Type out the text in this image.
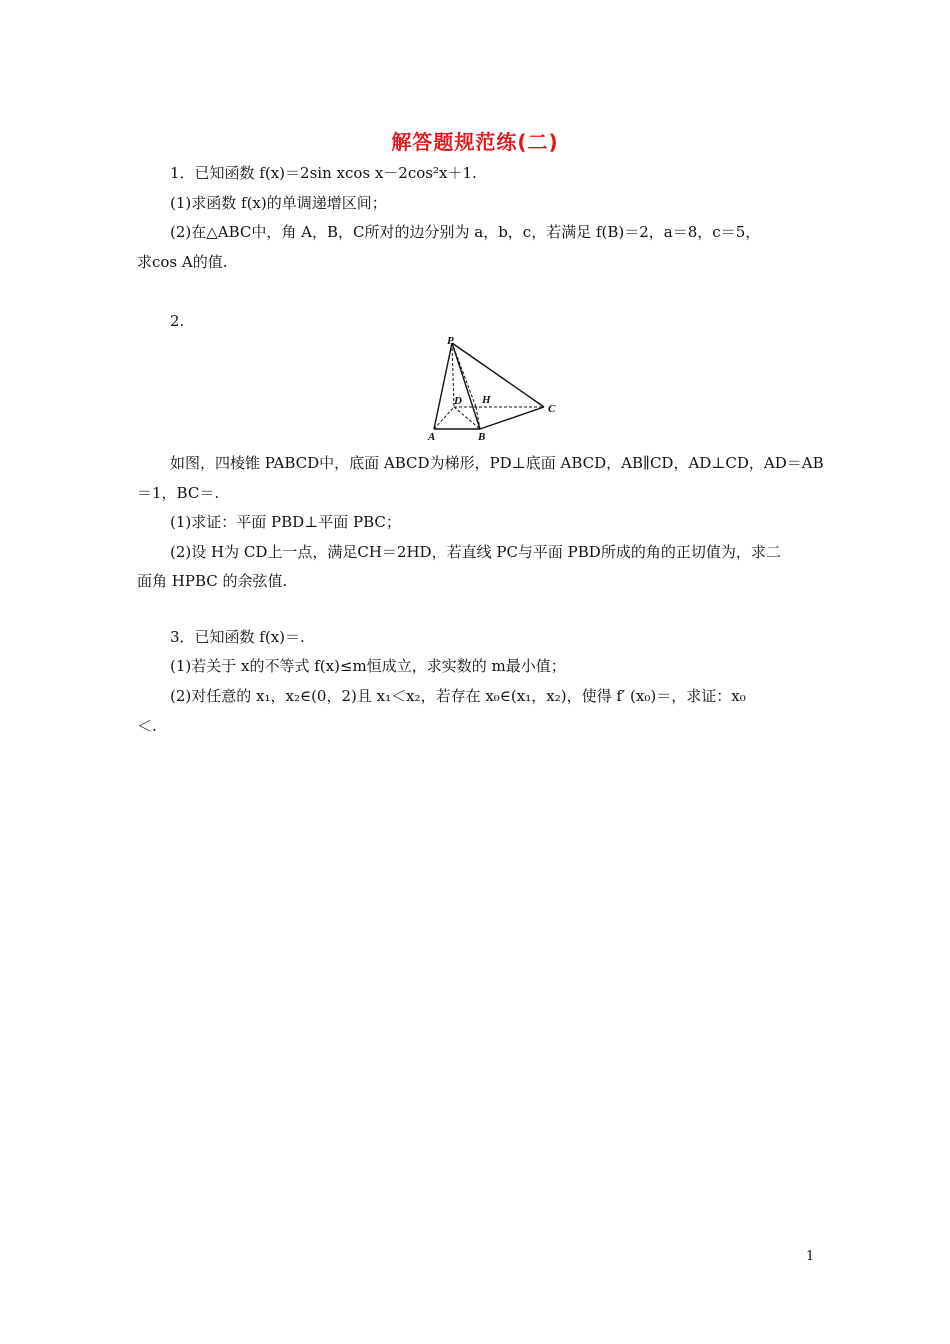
解答题规范练(二)
1．已知函数 f(x)＝2sin xcos x－2cos²x＋1.
(1)求函数 f(x)的单调递增区间；
(2)在△ABC中，角 A，B，C所对的边分别为 a，b，c，若满足 f(B)＝2，a＝8，c＝5，
求cos A的值.
2.
P
D H
C
A	B
如图，四棱锥 PABCD中，底面 ABCD为梯形，PD⊥底面 ABCD，AB∥CD，AD⊥CD，AD＝AB
＝1，BC＝.
(1)求证：平面 PBD⊥平面 PBC；
(2)设 H为 CD上一点，满足CH＝2HD，若直线 PC与平面 PBD所成的角的正切值为，求二
面角 HPBC 的余弦值.
3．已知函数 f(x)＝.
(1)若关于 x的不等式 f(x)≤m恒成立，求实数的 m最小值；
(2)对任意的 x₁，x₂∈(0，2)且 x₁＜x₂，若存在 x₀∈(x₁，x₂)，使得 f′ (x₀)＝，求证：x₀
＜.
1
